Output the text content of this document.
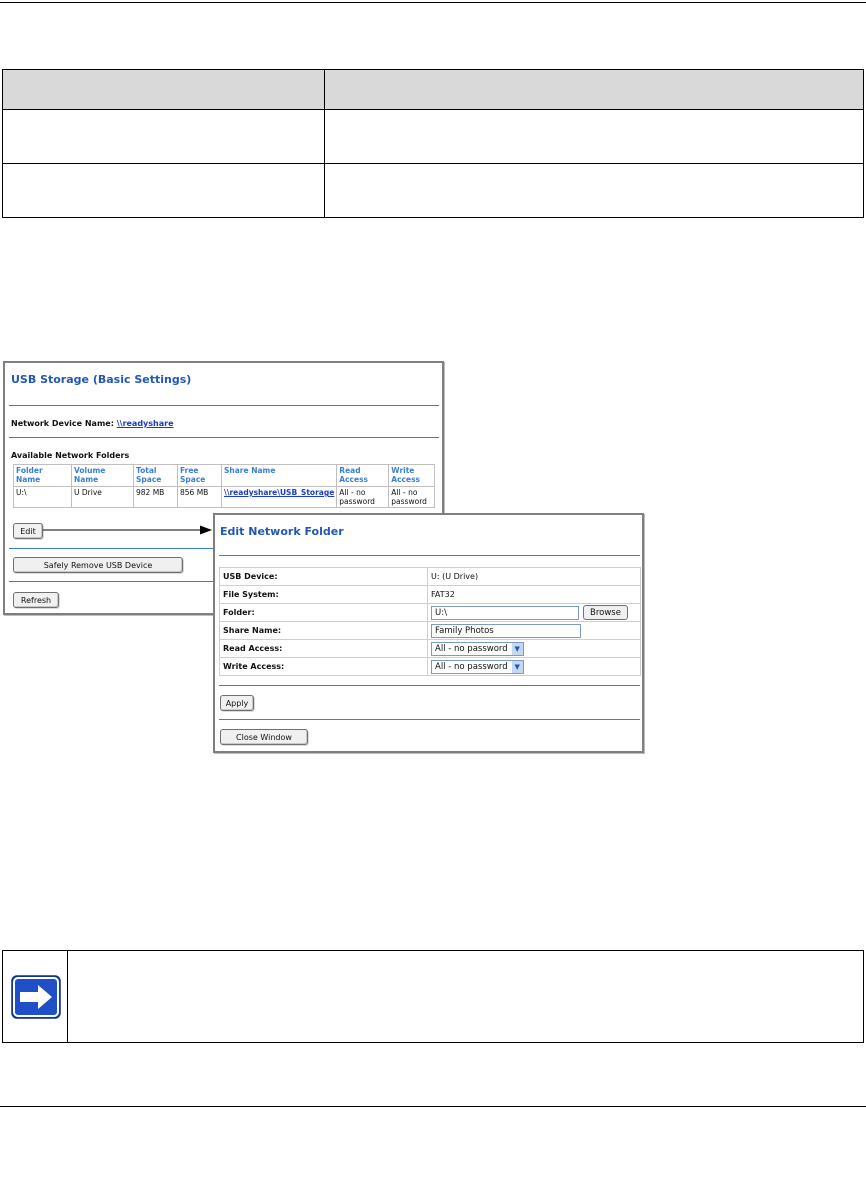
USB Storage (Basic Settings)
Network Device Name: \\readyshare
Available Network Folders
Folder Name	Volume Name	Total Space	Free Space	Share Name	Read Access	Write Access
U:\	U Drive	982 MB	856 MB	\\readyshare\USB_Storage	All - no password	All - no password
Edit
Safely Remove USB Device
Refresh
Edit Network Folder
USB Device:	U: (U Drive)
File System:	FAT32
Folder:	U:\ Browse
Share Name:	Family Photos
Read Access:	All - no password ▼

Write Access:	All - no password ▼
Apply
Close Window
